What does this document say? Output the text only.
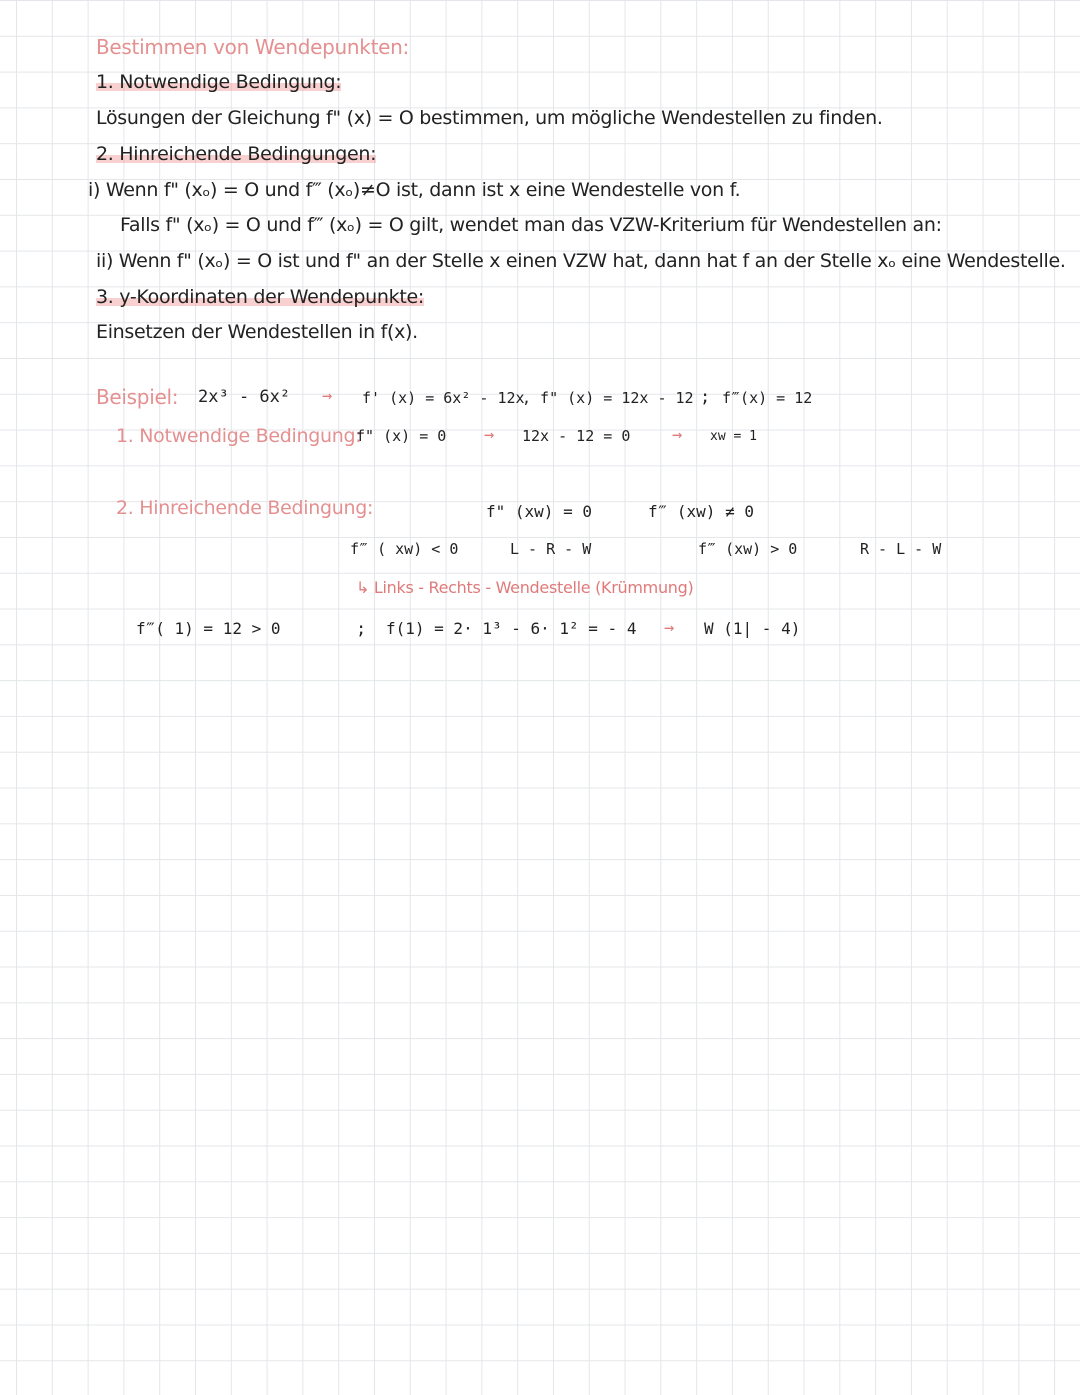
Bestimmen von Wendepunkten:
1. Notwendige Bedingung:
Lösungen der Gleichung f" (x) = O bestimmen, um mögliche Wendestellen zu finden.
2. Hinreichende Bedingungen:
i) Wenn f" (xₒ) = O und f‴ (xₒ)≠O ist, dann ist x eine Wendestelle von f.
Falls f" (xₒ) = O und f‴ (xₒ) = O gilt, wendet man das VZW-Kriterium für Wendestellen an:
ii) Wenn f" (xₒ) = O ist und f" an der Stelle x einen VZW hat, dann hat f an der Stelle xₒ eine Wendestelle.
3. y-Koordinaten der Wendepunkte:
Einsetzen der Wendestellen in f(x).
Beispiel: 2x³ - 6x² → f' (x) = 6x² - 12x
, f" (x) = 12x - 12 ; f‴(x) = 12
1. Notwendige Bedingung:
f" (x) = 0 → 12x - 12 = 0 → xw = 1
2. Hinreichende Bedingung:	f" (xw) = 0	f‴ (xw) ≠ 0
f‴ ( xw) < 0	L - R - W	f‴ (xw) > 0	R - L - W
↳ Links - Rechts - Wendestelle (Krümmung)
f‴( 1) = 12 > 0	; f(1) = 2· 1³ - 6· 1² = - 4 → W (1| - 4)
